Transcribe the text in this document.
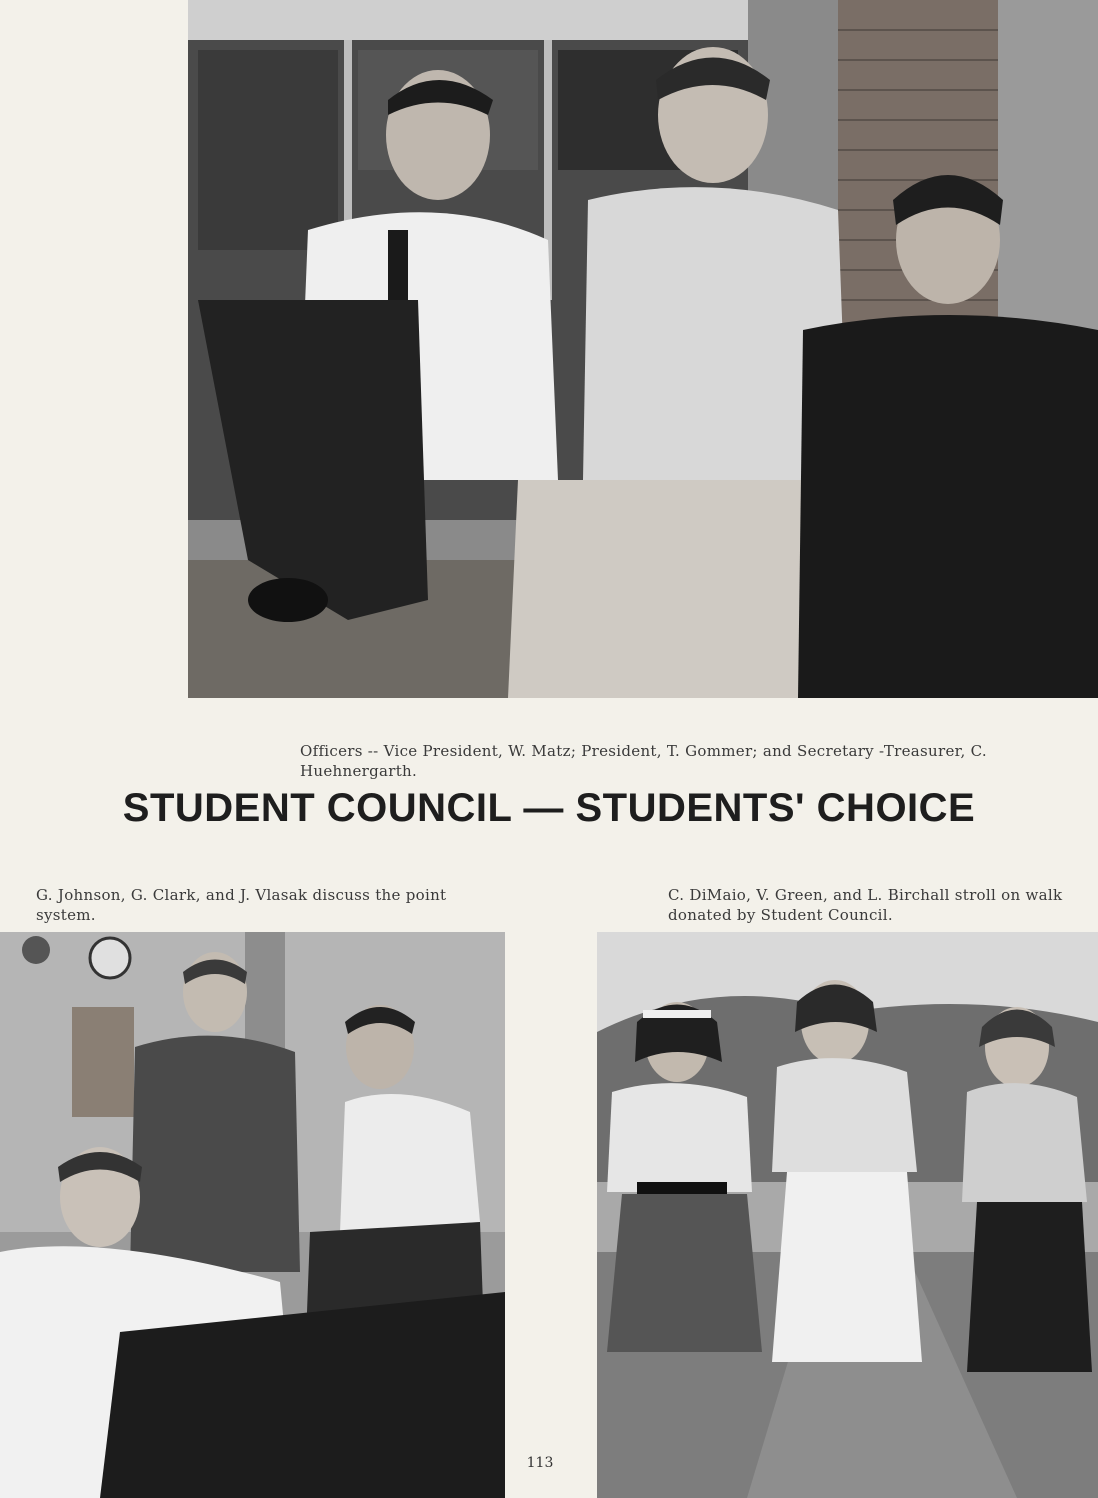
Officers -- Vice President, W. Matz; President, T. Gommer; and Secretary -Treasurer, C. Huehnergarth.

STUDENT COUNCIL — STUDENTS' CHOICE

G. Johnson, G. Clark, and J. Vlasak discuss the point system.

C. DiMaio, V. Green, and L. Birchall stroll on walk donated by Student Council.

113
